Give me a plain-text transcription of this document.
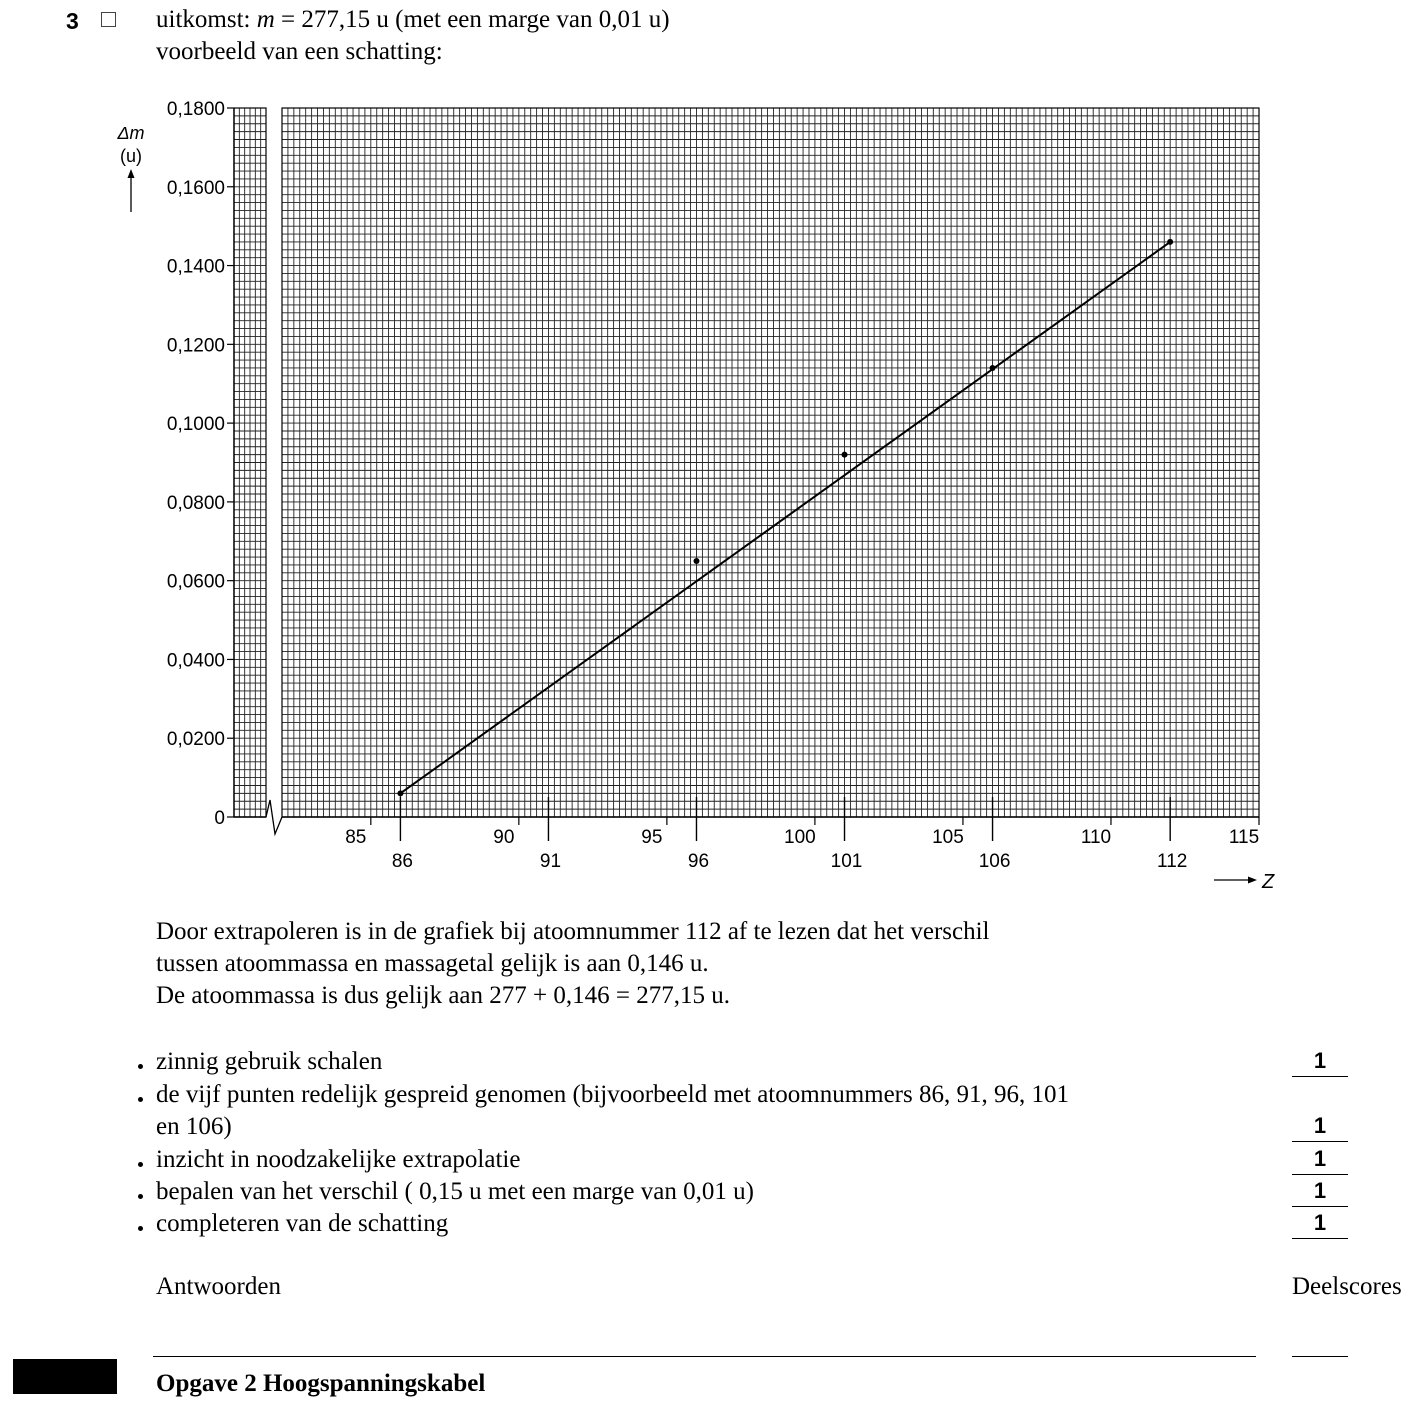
3	uitkomst: m = 277,15 u (met een marge van 0,01 u)
voorbeeld van een schatting:
0
0,0200
0,0400
0,0600
0,0800
0,1000
0,1200
0,1400
0,1600
0,1800
85	90	95	100	105	110	115
86	91	96	101	106	112
Δm
(u)
Z
Door extrapoleren is in de grafiek bij atoomnummer 112 af te lezen dat het verschil
tussen atoommassa en massagetal gelijk is aan 0,146 u.
De atoommassa is dus gelijk aan 277 + 0,146 = 277,15 u.
zinnig gebruik schalen	1
de vijf punten redelijk gespreid genomen (bijvoorbeeld met atoomnummers 86, 91, 96, 101
en 106)	1
inzicht in noodzakelijke extrapolatie	1
bepalen van het verschil ( 0,15 u met een marge van 0,01 u)	1
completeren van de schatting	1
Antwoorden	Deelscores
Opgave 2 Hoogspanningskabel
